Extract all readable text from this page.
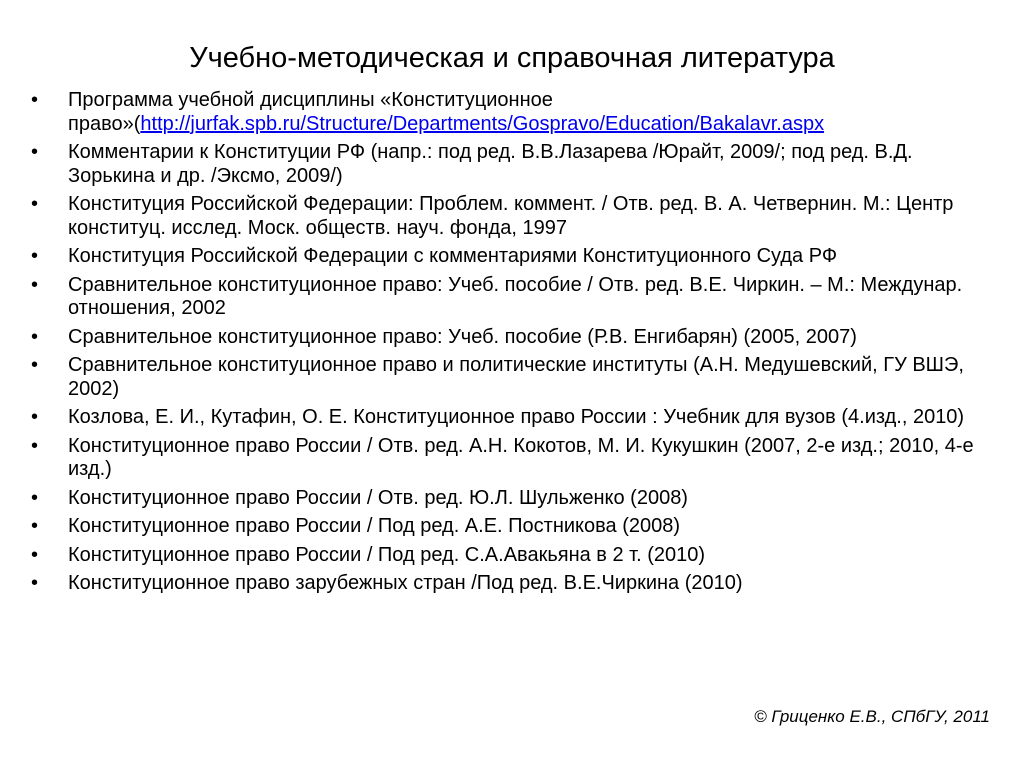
Учебно-методическая и справочная литература
• Программа учебной дисциплины «Конституционное право»(http://jurfak.spb.ru/Structure/Departments/Gospravo/Education/Bakalavr.aspx
• Комментарии к Конституции РФ (напр.: под ред. В.В.Лазарева /Юрайт, 2009/; под ред. В.Д. Зорькина и др. /Эксмо, 2009/)
• Конституция Российской Федерации: Проблем. коммент. / Отв. ред. В. А. Четвернин. М.: Центр конституц. исслед. Моск. обществ. науч. фонда, 1997
• Конституция Российской Федерации с комментариями Конституционного Суда РФ
• Сравнительное конституционное право: Учеб. пособие / Отв. ред. В.Е. Чиркин. – М.: Междунар. отношения, 2002
• Сравнительное конституционное право: Учеб. пособие (Р.В. Енгибарян) (2005, 2007)
• Сравнительное конституционное право и политические институты (А.Н. Медушевский, ГУ ВШЭ, 2002)
• Козлова, Е. И., Кутафин, О. Е. Конституционное право России : Учебник для вузов (4.изд., 2010)
• Конституционное право России / Отв. ред. А.Н. Кокотов, М. И. Кукушкин (2007, 2-е изд.; 2010, 4-е изд.)
• Конституционное право России / Отв. ред. Ю.Л. Шульженко (2008)
• Конституционное право России / Под ред. А.Е. Постникова (2008)
• Конституционное право России / Под ред. С.А.Авакьяна в 2 т. (2010)
• Конституционное право зарубежных стран /Под ред. В.Е.Чиркина (2010)

© Гриценко Е.В., СПбГУ, 2011
